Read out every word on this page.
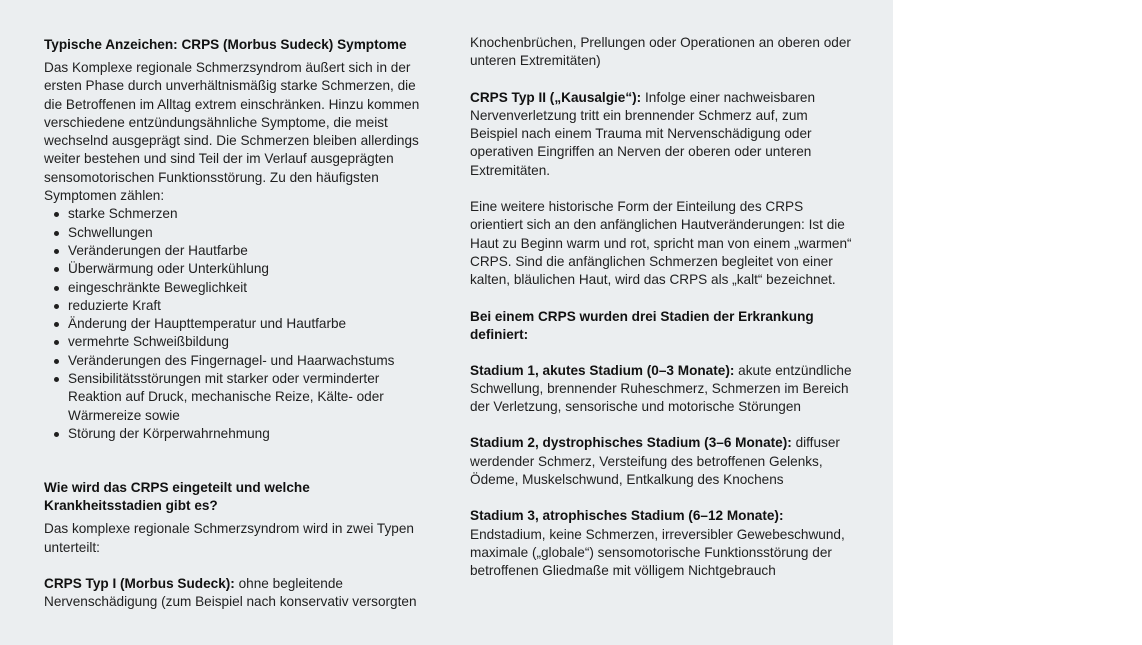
Typische Anzeichen: CRPS (Morbus Sudeck) Symptome
Das Komplexe regionale Schmerzsyndrom äußert sich in der ersten Phase durch unverhältnismäßig starke Schmerzen, die die Betroffenen im Alltag extrem einschränken. Hinzu kommen verschiedene entzündungsähnliche Symptome, die meist wechselnd ausgeprägt sind. Die Schmerzen bleiben allerdings weiter bestehen und sind Teil der im Verlauf ausgeprägten sensomotorischen Funktionsstörung. Zu den häufigsten Symptomen zählen:
starke Schmerzen
Schwellungen
Veränderungen der Hautfarbe
Überwärmung oder Unterkühlung
eingeschränkte Beweglichkeit
reduzierte Kraft
Änderung der Haupttemperatur und Hautfarbe
vermehrte Schweißbildung
Veränderungen des Fingernagel- und Haarwachstums
Sensibilitätsstörungen mit starker oder verminderter Reaktion auf Druck, mechanische Reize, Kälte- oder Wärmereize sowie
Störung der Körperwahrnehmung
Wie wird das CRPS eingeteilt und welche Krankheitsstadien gibt es?
Das komplexe regionale Schmerzsyndrom wird in zwei Typen unterteilt:
CRPS Typ I (Morbus Sudeck): ohne begleitende Nervenschädigung (zum Beispiel nach konservativ versorgten
Knochenbrüchen, Prellungen oder Operationen an oberen oder unteren Extremitäten)
CRPS Typ II („Kausalgie“): Infolge einer nachweisbaren Nervenverletzung tritt ein brennender Schmerz auf, zum Beispiel nach einem Trauma mit Nervenschädigung oder operativen Eingriffen an Nerven der oberen oder unteren Extremitäten.
Eine weitere historische Form der Einteilung des CRPS orientiert sich an den anfänglichen Hautveränderungen: Ist die Haut zu Beginn warm und rot, spricht man von einem „warmen“ CRPS. Sind die anfänglichen Schmerzen begleitet von einer kalten, bläulichen Haut, wird das CRPS als „kalt“ bezeichnet.
Bei einem CRPS wurden drei Stadien der Erkrankung definiert:
Stadium 1, akutes Stadium (0–3 Monate): akute entzündliche Schwellung, brennender Ruheschmerz, Schmerzen im Bereich der Verletzung, sensorische und motorische Störungen
Stadium 2, dystrophisches Stadium (3–6 Monate): diffuser werdender Schmerz, Versteifung des betroffenen Gelenks, Ödeme, Muskelschwund, Entkalkung des Knochens
Stadium 3, atrophisches Stadium (6–12 Monate): Endstadium, keine Schmerzen, irreversibler Gewebeschwund, maximale („globale“) sensomotorische Funktionsstörung der betroffenen Gliedmaße mit völligem Nichtgebrauch
